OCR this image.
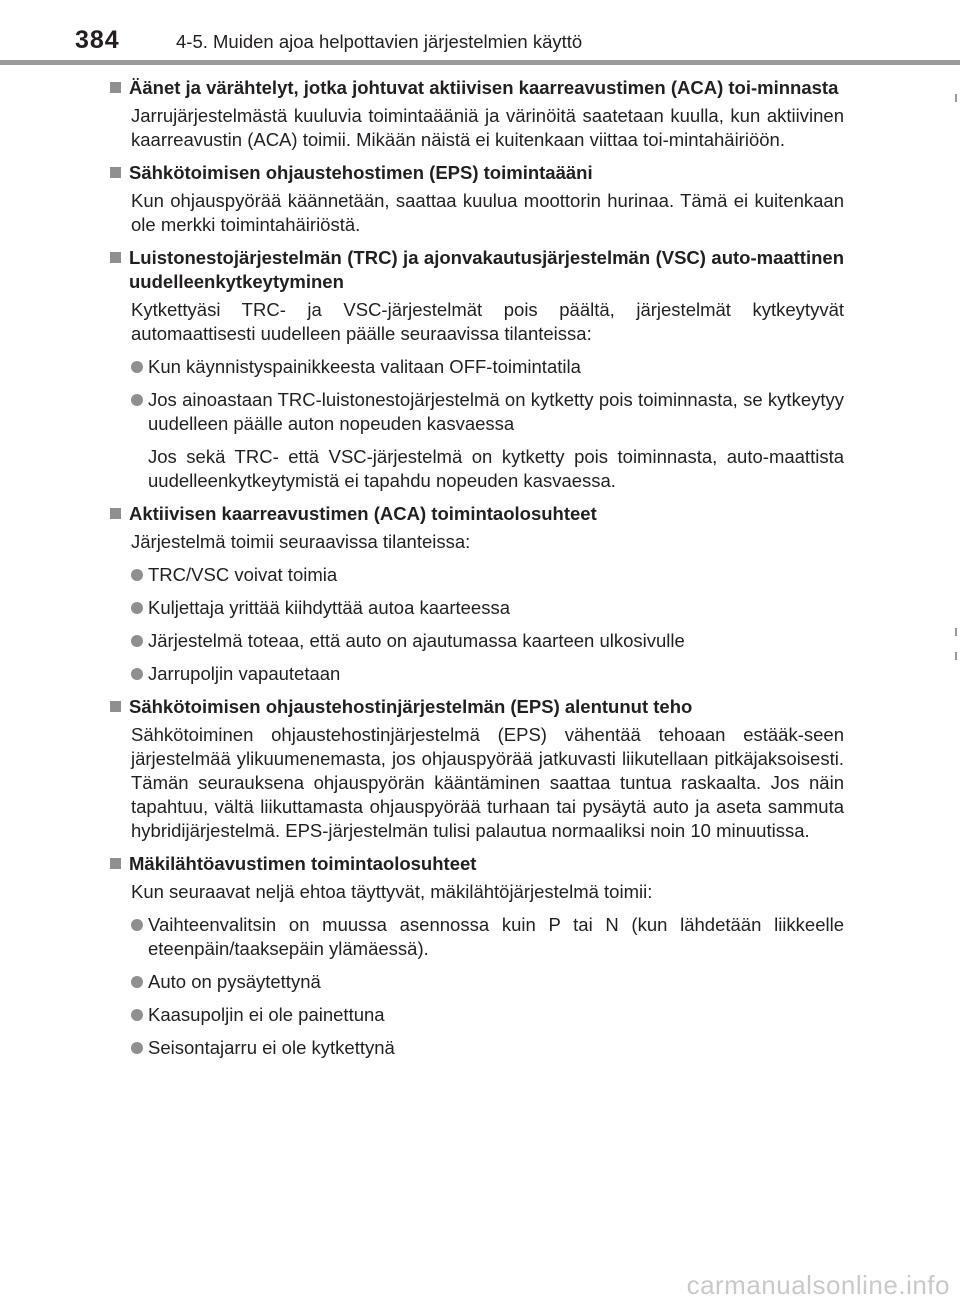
384	4-5. Muiden ajoa helpottavien järjestelmien käyttö
Äänet ja värähtelyt, jotka johtuvat aktiivisen kaarreavustimen (ACA) toi-minnasta
Jarrujärjestelmästä kuuluvia toimintaääniä ja värinöitä saatetaan kuulla, kun aktiivinen kaarreavustin (ACA) toimii. Mikään näistä ei kuitenkaan viittaa toi-mintahäiriöön.
Sähkötoimisen ohjaustehostimen (EPS) toimintaääni
Kun ohjauspyörää käännetään, saattaa kuulua moottorin hurinaa. Tämä ei kuitenkaan ole merkki toimintahäiriöstä.
Luistonestojärjestelmän (TRC) ja ajonvakautusjärjestelmän (VSC) auto-maattinen uudelleenkytkeytyminen
Kytkettyäsi TRC- ja VSC-järjestelmät pois päältä, järjestelmät kytkeytyvät automaattisesti uudelleen päälle seuraavissa tilanteissa:
Kun käynnistyspainikkeesta valitaan OFF-toimintatila
Jos ainoastaan TRC-luistonestojärjestelmä on kytketty pois toiminnasta, se kytkeytyy uudelleen päälle auton nopeuden kasvaessa
Jos sekä TRC- että VSC-järjestelmä on kytketty pois toiminnasta, auto-maattista uudelleenkytkeytymistä ei tapahdu nopeuden kasvaessa.
Aktiivisen kaarreavustimen (ACA) toimintaolosuhteet
Järjestelmä toimii seuraavissa tilanteissa:
TRC/VSC voivat toimia
Kuljettaja yrittää kiihdyttää autoa kaarteessa
Järjestelmä toteaa, että auto on ajautumassa kaarteen ulkosivulle
Jarrupoljin vapautetaan
Sähkötoimisen ohjaustehostinjärjestelmän (EPS) alentunut teho
Sähkötoiminen ohjaustehostinjärjestelmä (EPS) vähentää tehoaan estääk-seen järjestelmää ylikuumenemasta, jos ohjauspyörää jatkuvasti liikutellaan pitkäjaksoisesti. Tämän seurauksena ohjauspyörän kääntäminen saattaa tuntua raskaalta. Jos näin tapahtuu, vältä liikuttamasta ohjauspyörää turhaan tai pysäytä auto ja aseta sammuta hybridijärjestelmä. EPS-järjestelmän tulisi palautua normaaliksi noin 10 minuutissa.
Mäkilähtöavustimen toimintaolosuhteet
Kun seuraavat neljä ehtoa täyttyvät, mäkilähtöjärjestelmä toimii:
Vaihteenvalitsin on muussa asennossa kuin P tai N (kun lähdetään liikkeelle eteenpäin/taaksepäin ylämäessä).
Auto on pysäytettynä
Kaasupoljin ei ole painettuna
Seisontajarru ei ole kytkettynä
carmanualsonline.info
